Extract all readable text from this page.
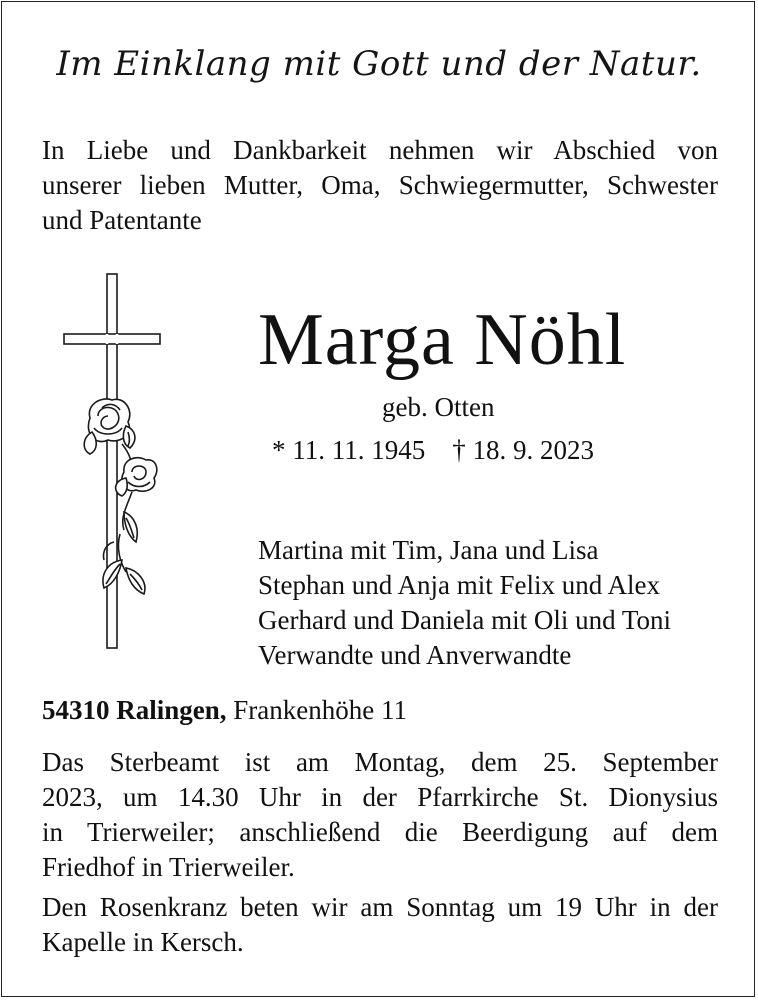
Im Einklang mit Gott und der Natur.
In Liebe und Dankbarkeit nehmen wir Abschied von
unserer lieben Mutter, Oma, Schwiegermutter, Schwester
und Patentante
Marga Nöhl
geb. Otten
* 11. 11. 1945 † 18. 9. 2023
Martina mit Tim, Jana und Lisa
Stephan und Anja mit Felix und Alex
Gerhard und Daniela mit Oli und Toni
Verwandte und Anverwandte
54310 Ralingen, Frankenhöhe 11
Das Sterbeamt ist am Montag, dem 25. September
2023, um 14.30 Uhr in der Pfarrkirche St. Dionysius
in Trierweiler; anschließend die Beerdigung auf dem
Friedhof in Trierweiler.
Den Rosenkranz beten wir am Sonntag um 19 Uhr in der
Kapelle in Kersch.
